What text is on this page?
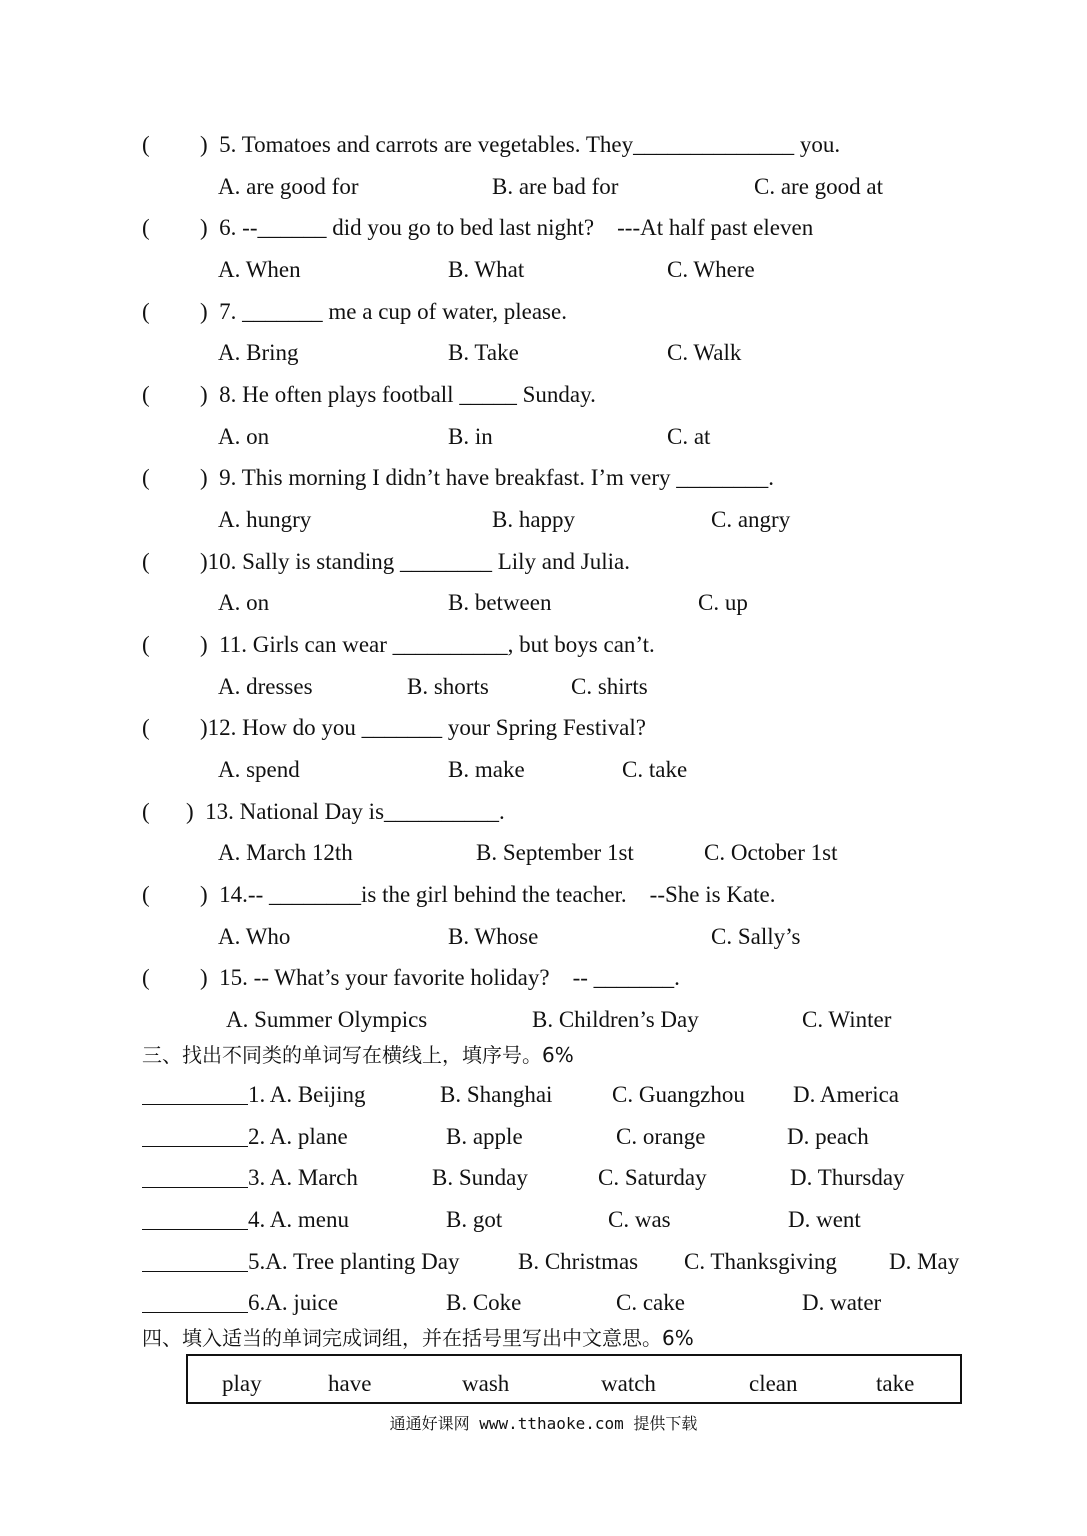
( )  5. Tomatoes and carrots are vegetables. They______________ you.
A. are good for	B. are bad for	C. are good at
( )  6. --______ did you go to bed last night?    ---At half past eleven
A. When	B. What	C. Where
( )  7. _______ me a cup of water, please.
A. Bring	B. Take	C. Walk
( )  8. He often plays football _____ Sunday.
A. on	B. in	C. at
( )  9. This morning I didn’t have breakfast. I’m very ________.
A. hungry	B. happy	C. angry
( )10. Sally is standing ________ Lily and Julia.
A. on	B. between	C. up
( )  11. Girls can wear __________, but boys can’t.
A. dresses	B. shorts	C. shirts
( )12. How do you _______ your Spring Festival?
A. spend	B. make	C. take
( )  13. National Day is__________.
A. March 12th	B. September 1st	C. October 1st
( )  14.-- ________is the girl behind the teacher.    --She is Kate.
A. Who	B. Whose	C. Sally’s
( )  15. -- What’s your favorite holiday?    -- _______.
A. Summer Olympics	B. Children’s Day	C. Winter
三、找出不同类的单词写在横线上，填序号。6%
1. A. Beijing	B. Shanghai	C. Guangzhou D. America
2. A. plane	B. apple	C. orange	D. peach
3. A. March	B. Sunday	C. Saturday	D. Thursday
4. A. menu	B. got	C. was	D. went
5.A. Tree planting Day	B. Christmas C. Thanksgiving D. May
6.A. juice	B. Coke	C. cake	D. water
四、填入适当的单词完成词组，并在括号里写出中文意思。6%
play	have	wash	watch	clean	take
通通好课网 www.tthaoke.com 提供下载
